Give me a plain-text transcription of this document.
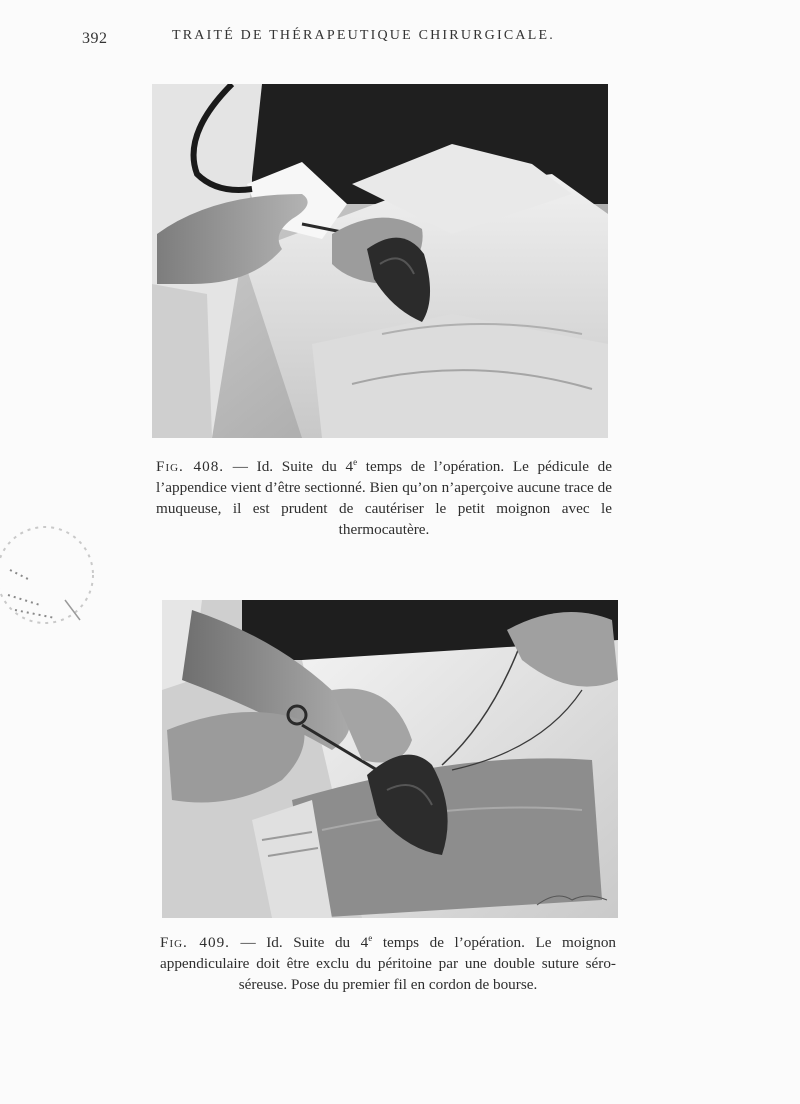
392	TRAITÉ DE THÉRAPEUTIQUE CHIRURGICALE.
Fig. 408. — Id. Suite du 4e temps de l’opération. Le pédicule de l’appendice vient d’être sectionné. Bien qu’on n’aperçoive aucune trace de muqueuse, il est prudent de cautériser le petit moignon avec le thermocautère.
Fig. 409. — Id. Suite du 4e temps de l’opération. Le moignon appendiculaire doit être exclu du péritoine par une double suture séro-séreuse. Pose du premier fil en cordon de bourse.
